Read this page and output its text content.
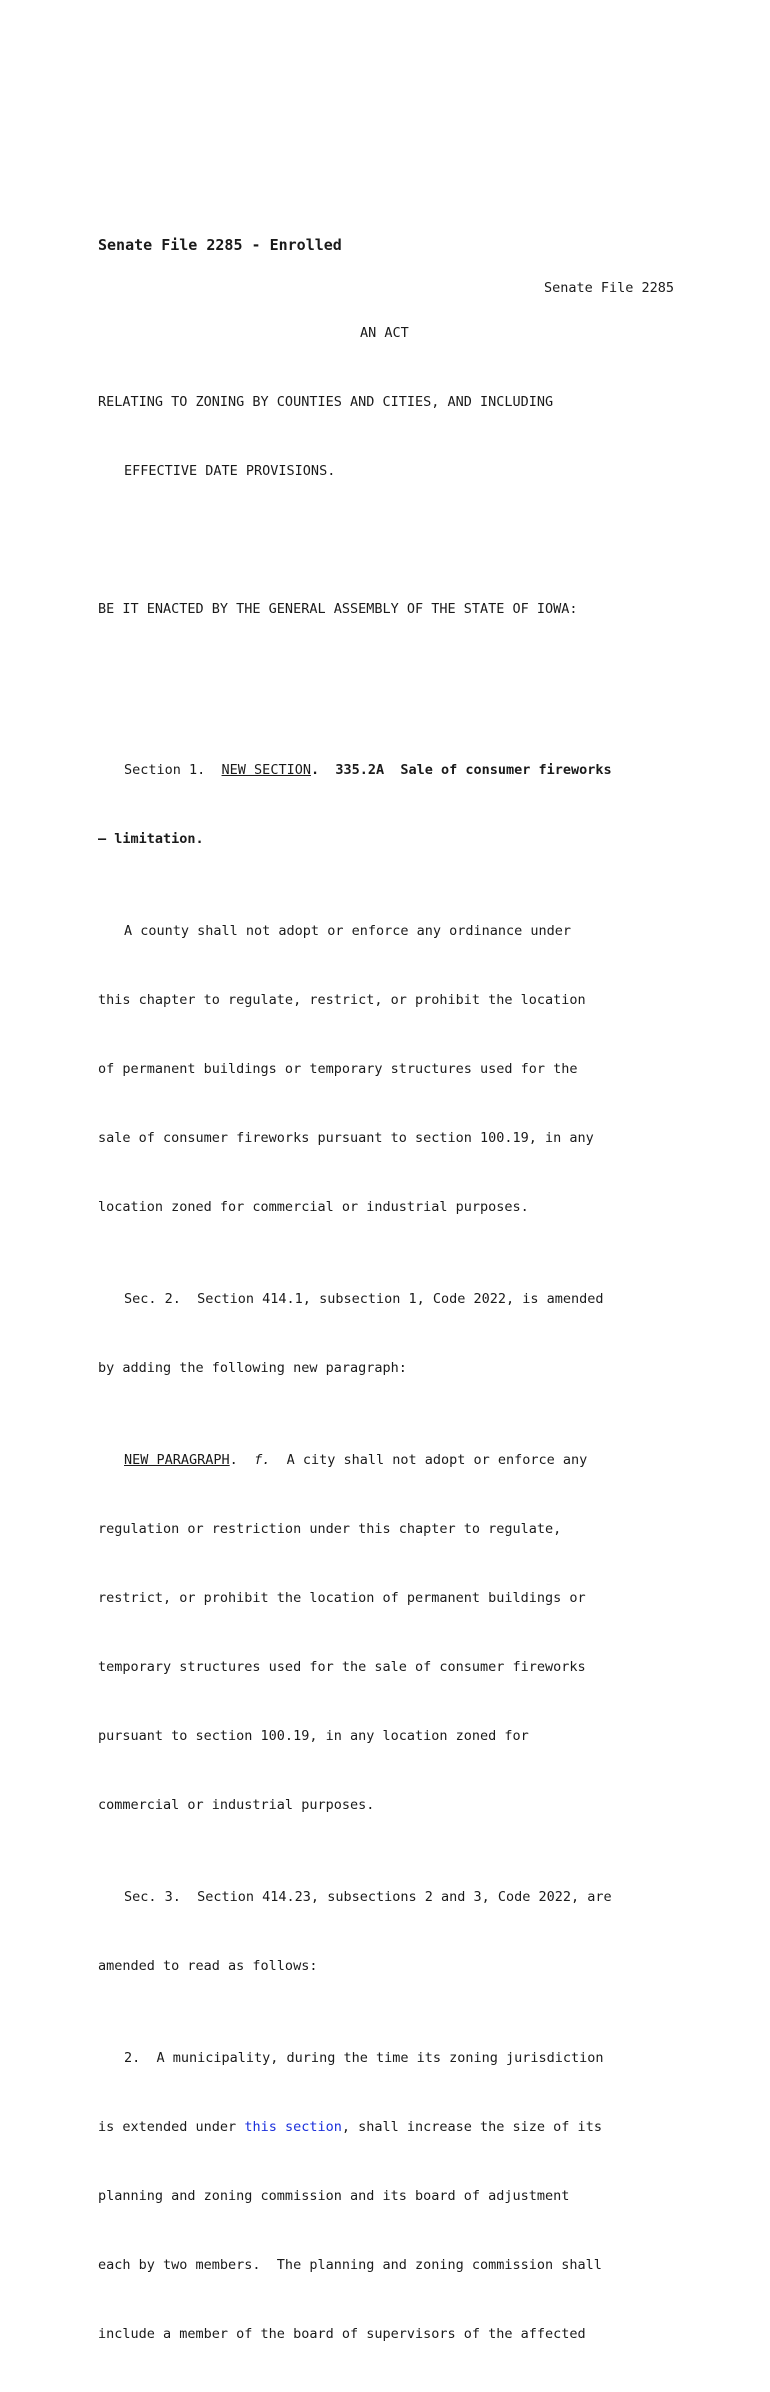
Senate File 2285 - Enrolled
Senate File 2285
AN ACT

RELATING TO ZONING BY COUNTIES AND CITIES, AND INCLUDING

EFFECTIVE DATE PROVISIONS.

BE IT ENACTED BY THE GENERAL ASSEMBLY OF THE STATE OF IOWA:

Section 1.  NEW SECTION.  335.2A  Sale of consumer fireworks

— limitation.

A county shall not adopt or enforce any ordinance under

this chapter to regulate, restrict, or prohibit the location

of permanent buildings or temporary structures used for the

sale of consumer fireworks pursuant to section 100.19, in any

location zoned for commercial or industrial purposes.

Sec. 2.  Section 414.1, subsection 1, Code 2022, is amended

by adding the following new paragraph:

NEW PARAGRAPH.  f.  A city shall not adopt or enforce any

regulation or restriction under this chapter to regulate,

restrict, or prohibit the location of permanent buildings or

temporary structures used for the sale of consumer fireworks

pursuant to section 100.19, in any location zoned for

commercial or industrial purposes.

Sec. 3.  Section 414.23, subsections 2 and 3, Code 2022, are

amended to read as follows:

2.  A municipality, during the time its zoning jurisdiction

is extended under this section, shall increase the size of its

planning and zoning commission and its board of adjustment

each by two members.  The planning and zoning commission shall

include a member of the board of supervisors of the affected
